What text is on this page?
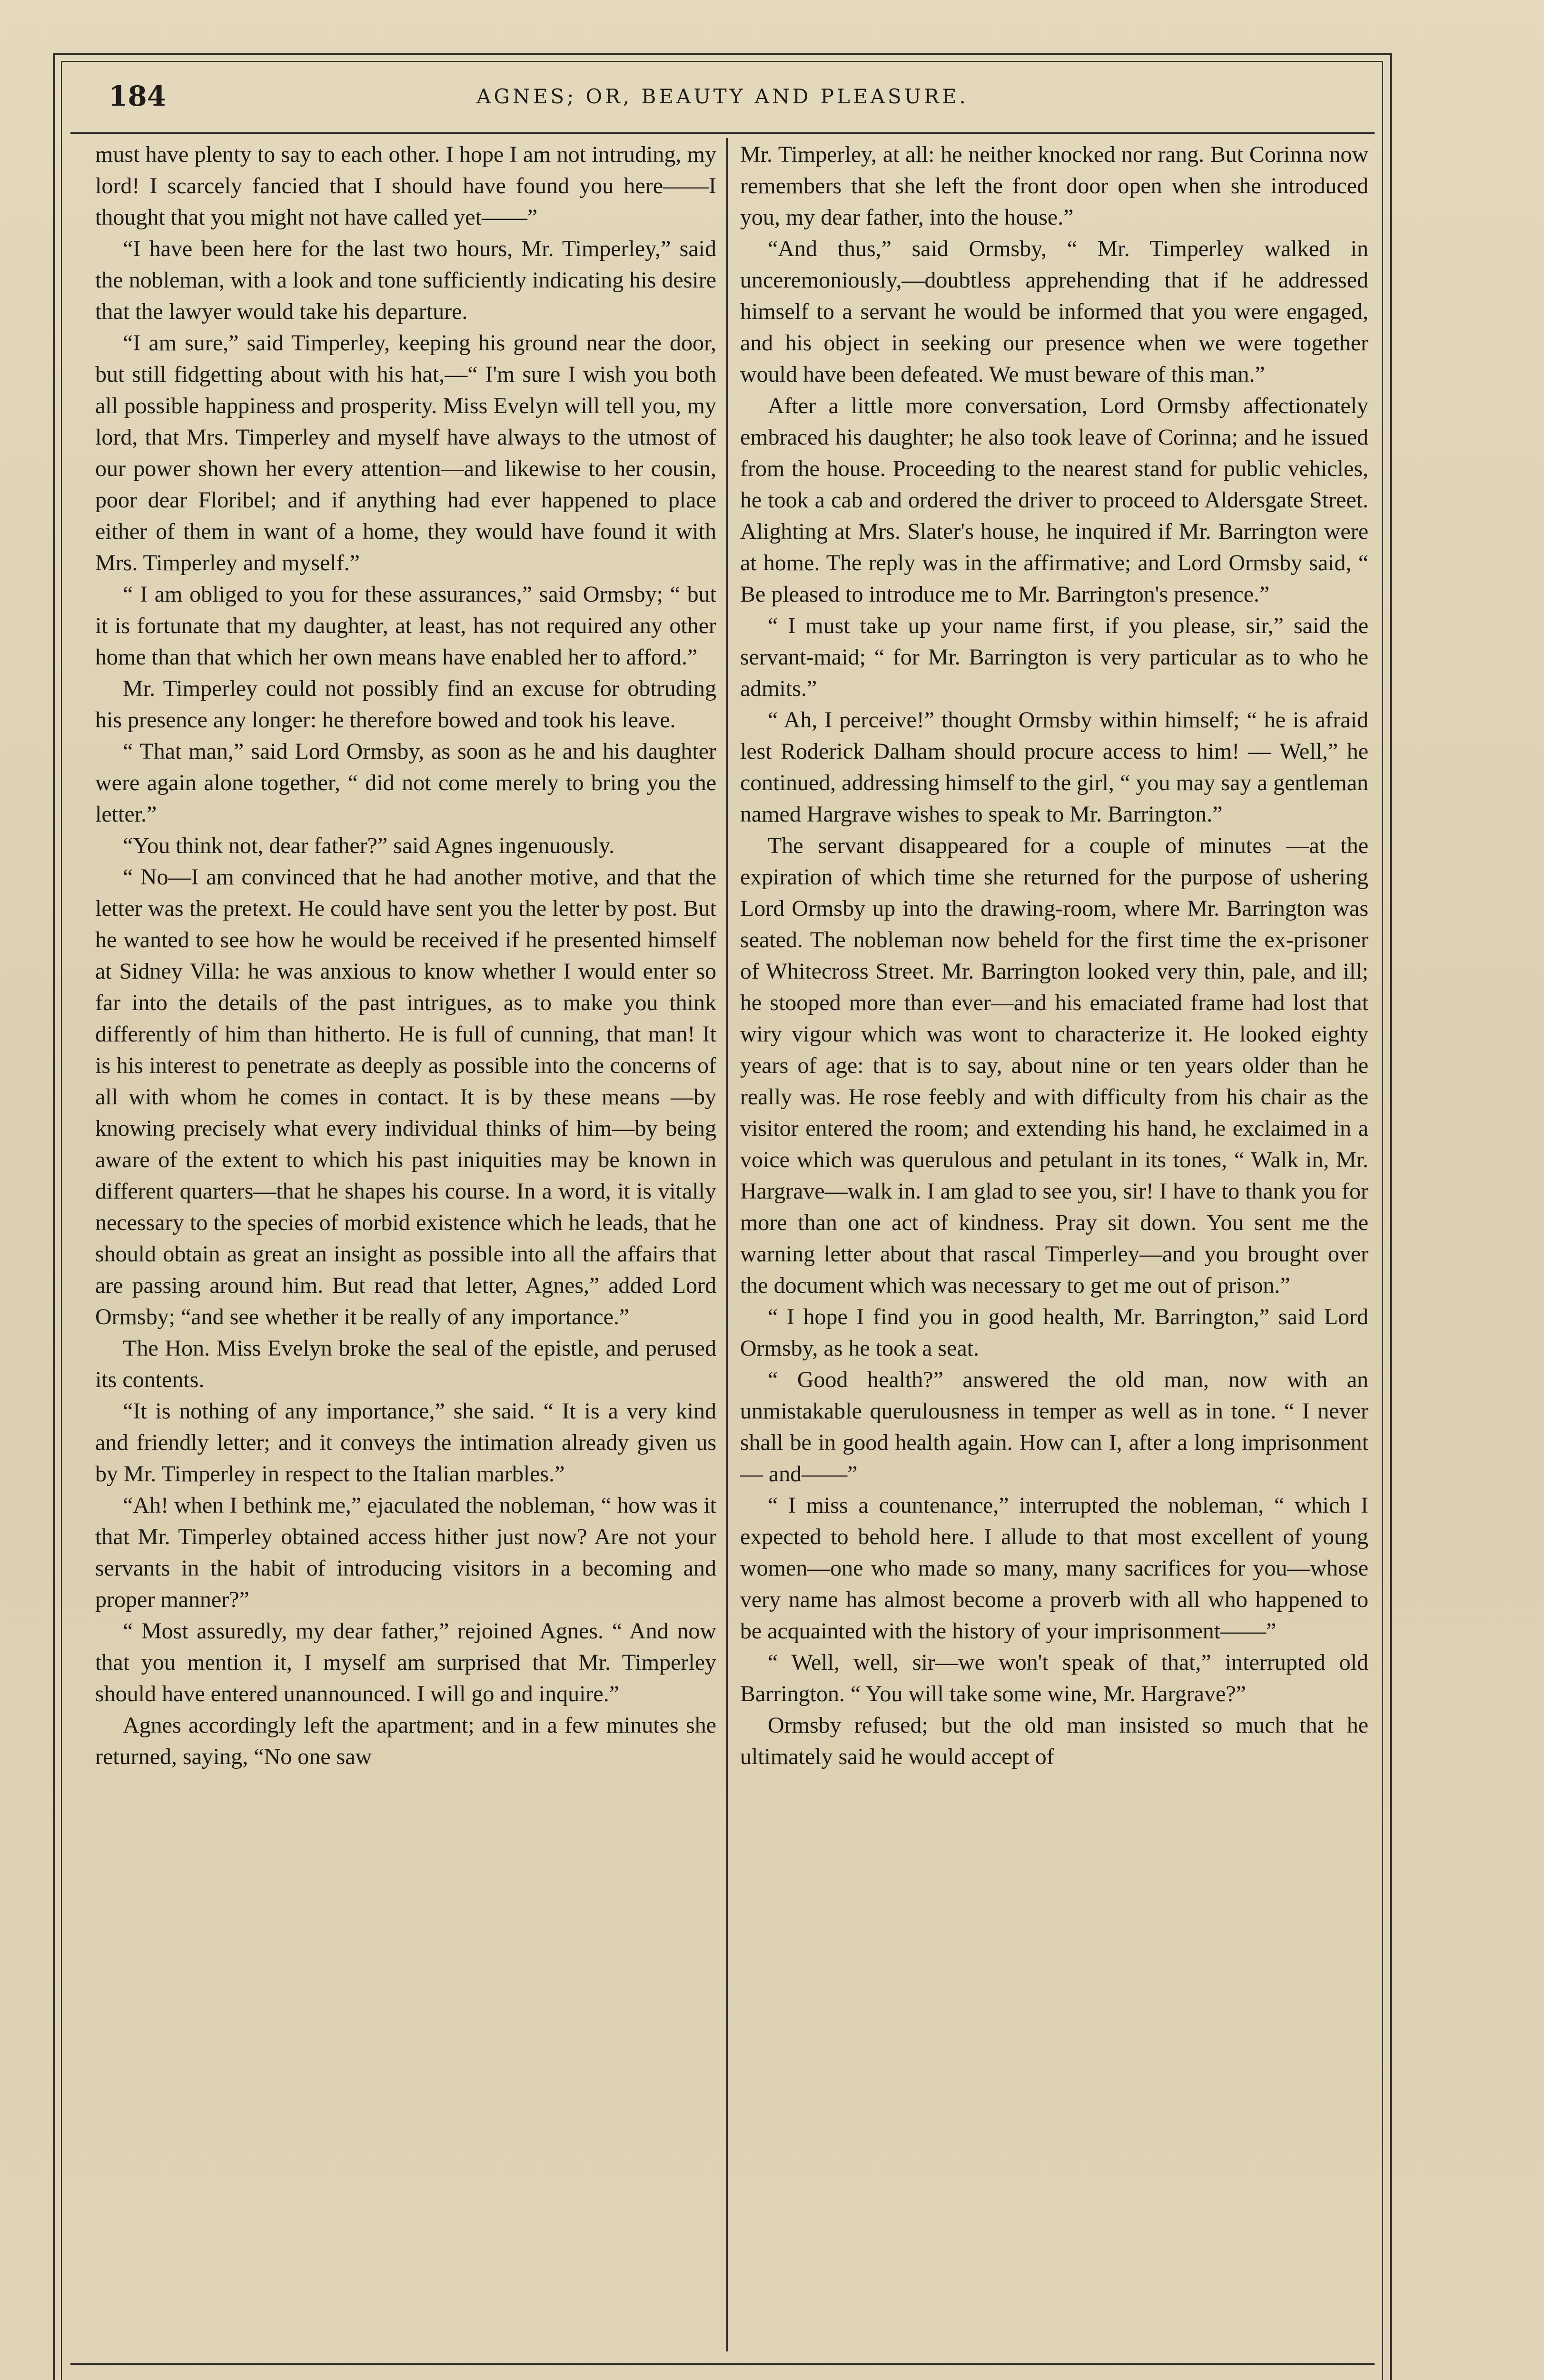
184	AGNES; OR, BEAUTY AND PLEASURE.

must have plenty to say to each other. I hope I am not intruding, my lord! I scarcely fancied that I should have found you here——I thought that you might not have called yet——”

“I have been here for the last two hours, Mr. Timperley,” said the nobleman, with a look and tone sufficiently indicating his desire that the lawyer would take his departure.

“I am sure,” said Timperley, keeping his ground near the door, but still fidgetting about with his hat,—“ I'm sure I wish you both all possible happiness and prosperity. Miss Evelyn will tell you, my lord, that Mrs. Timperley and myself have always to the utmost of our power shown her every attention—and likewise to her cousin, poor dear Floribel; and if anything had ever happened to place either of them in want of a home, they would have found it with Mrs. Timperley and myself.”

“ I am obliged to you for these assurances,” said Ormsby; “ but it is fortunate that my daughter, at least, has not required any other home than that which her own means have enabled her to afford.”

Mr. Timperley could not possibly find an excuse for obtruding his presence any longer: he therefore bowed and took his leave.

“ That man,” said Lord Ormsby, as soon as he and his daughter were again alone together, “ did not come merely to bring you the letter.”

“You think not, dear father?” said Agnes ingenuously.

“ No—I am convinced that he had another motive, and that the letter was the pretext. He could have sent you the letter by post. But he wanted to see how he would be received if he presented himself at Sidney Villa: he was anxious to know whether I would enter so far into the details of the past intrigues, as to make you think differently of him than hitherto. He is full of cunning, that man! It is his interest to penetrate as deeply as possible into the concerns of all with whom he comes in contact. It is by these means —by knowing precisely what every individual thinks of him—by being aware of the extent to which his past iniquities may be known in different quarters—that he shapes his course. In a word, it is vitally necessary to the species of morbid existence which he leads, that he should obtain as great an insight as possible into all the affairs that are passing around him. But read that letter, Agnes,” added Lord Ormsby; “and see whether it be really of any importance.”

The Hon. Miss Evelyn broke the seal of the epistle, and perused its contents.

“It is nothing of any importance,” she said. “ It is a very kind and friendly letter; and it conveys the intimation already given us by Mr. Timperley in respect to the Italian marbles.”

“Ah! when I bethink me,” ejaculated the nobleman, “ how was it that Mr. Timperley obtained access hither just now? Are not your servants in the habit of introducing visitors in a becoming and proper manner?”

“ Most assuredly, my dear father,” rejoined Agnes. “ And now that you mention it, I myself am surprised that Mr. Timperley should have entered unannounced. I will go and inquire.”

Agnes accordingly left the apartment; and in a few minutes she returned, saying, “No one saw

Mr. Timperley, at all: he neither knocked nor rang. But Corinna now remembers that she left the front door open when she introduced you, my dear father, into the house.”

“And thus,” said Ormsby, “ Mr. Timperley walked in unceremoniously,—doubtless apprehending that if he addressed himself to a servant he would be informed that you were engaged, and his object in seeking our presence when we were together would have been defeated. We must beware of this man.”

After a little more conversation, Lord Ormsby affectionately embraced his daughter; he also took leave of Corinna; and he issued from the house. Proceeding to the nearest stand for public vehicles, he took a cab and ordered the driver to proceed to Aldersgate Street. Alighting at Mrs. Slater's house, he inquired if Mr. Barrington were at home. The reply was in the affirmative; and Lord Ormsby said, “ Be pleased to introduce me to Mr. Barrington's presence.”

“ I must take up your name first, if you please, sir,” said the servant-maid; “ for Mr. Barrington is very particular as to who he admits.”

“ Ah, I perceive!” thought Ormsby within himself; “ he is afraid lest Roderick Dalham should procure access to him! — Well,” he continued, addressing himself to the girl, “ you may say a gentleman named Hargrave wishes to speak to Mr. Barrington.”

The servant disappeared for a couple of minutes —at the expiration of which time she returned for the purpose of ushering Lord Ormsby up into the drawing-room, where Mr. Barrington was seated. The nobleman now beheld for the first time the ex-prisoner of Whitecross Street. Mr. Barrington looked very thin, pale, and ill; he stooped more than ever—and his emaciated frame had lost that wiry vigour which was wont to characterize it. He looked eighty years of age: that is to say, about nine or ten years older than he really was. He rose feebly and with difficulty from his chair as the visitor entered the room; and extending his hand, he exclaimed in a voice which was querulous and petulant in its tones, “ Walk in, Mr. Hargrave—walk in. I am glad to see you, sir! I have to thank you for more than one act of kindness. Pray sit down. You sent me the warning letter about that rascal Timperley—and you brought over the document which was necessary to get me out of prison.”

“ I hope I find you in good health, Mr. Barrington,” said Lord Ormsby, as he took a seat.

“ Good health?” answered the old man, now with an unmistakable querulousness in temper as well as in tone. “ I never shall be in good health again. How can I, after a long imprisonment— and——”

“ I miss a countenance,” interrupted the nobleman, “ which I expected to behold here. I allude to that most excellent of young women—one who made so many, many sacrifices for you—whose very name has almost become a proverb with all who happened to be acquainted with the history of your imprisonment——”

“ Well, well, sir—we won't speak of that,” interrupted old Barrington. “ You will take some wine, Mr. Hargrave?”

Ormsby refused; but the old man insisted so much that he ultimately said he would accept of
